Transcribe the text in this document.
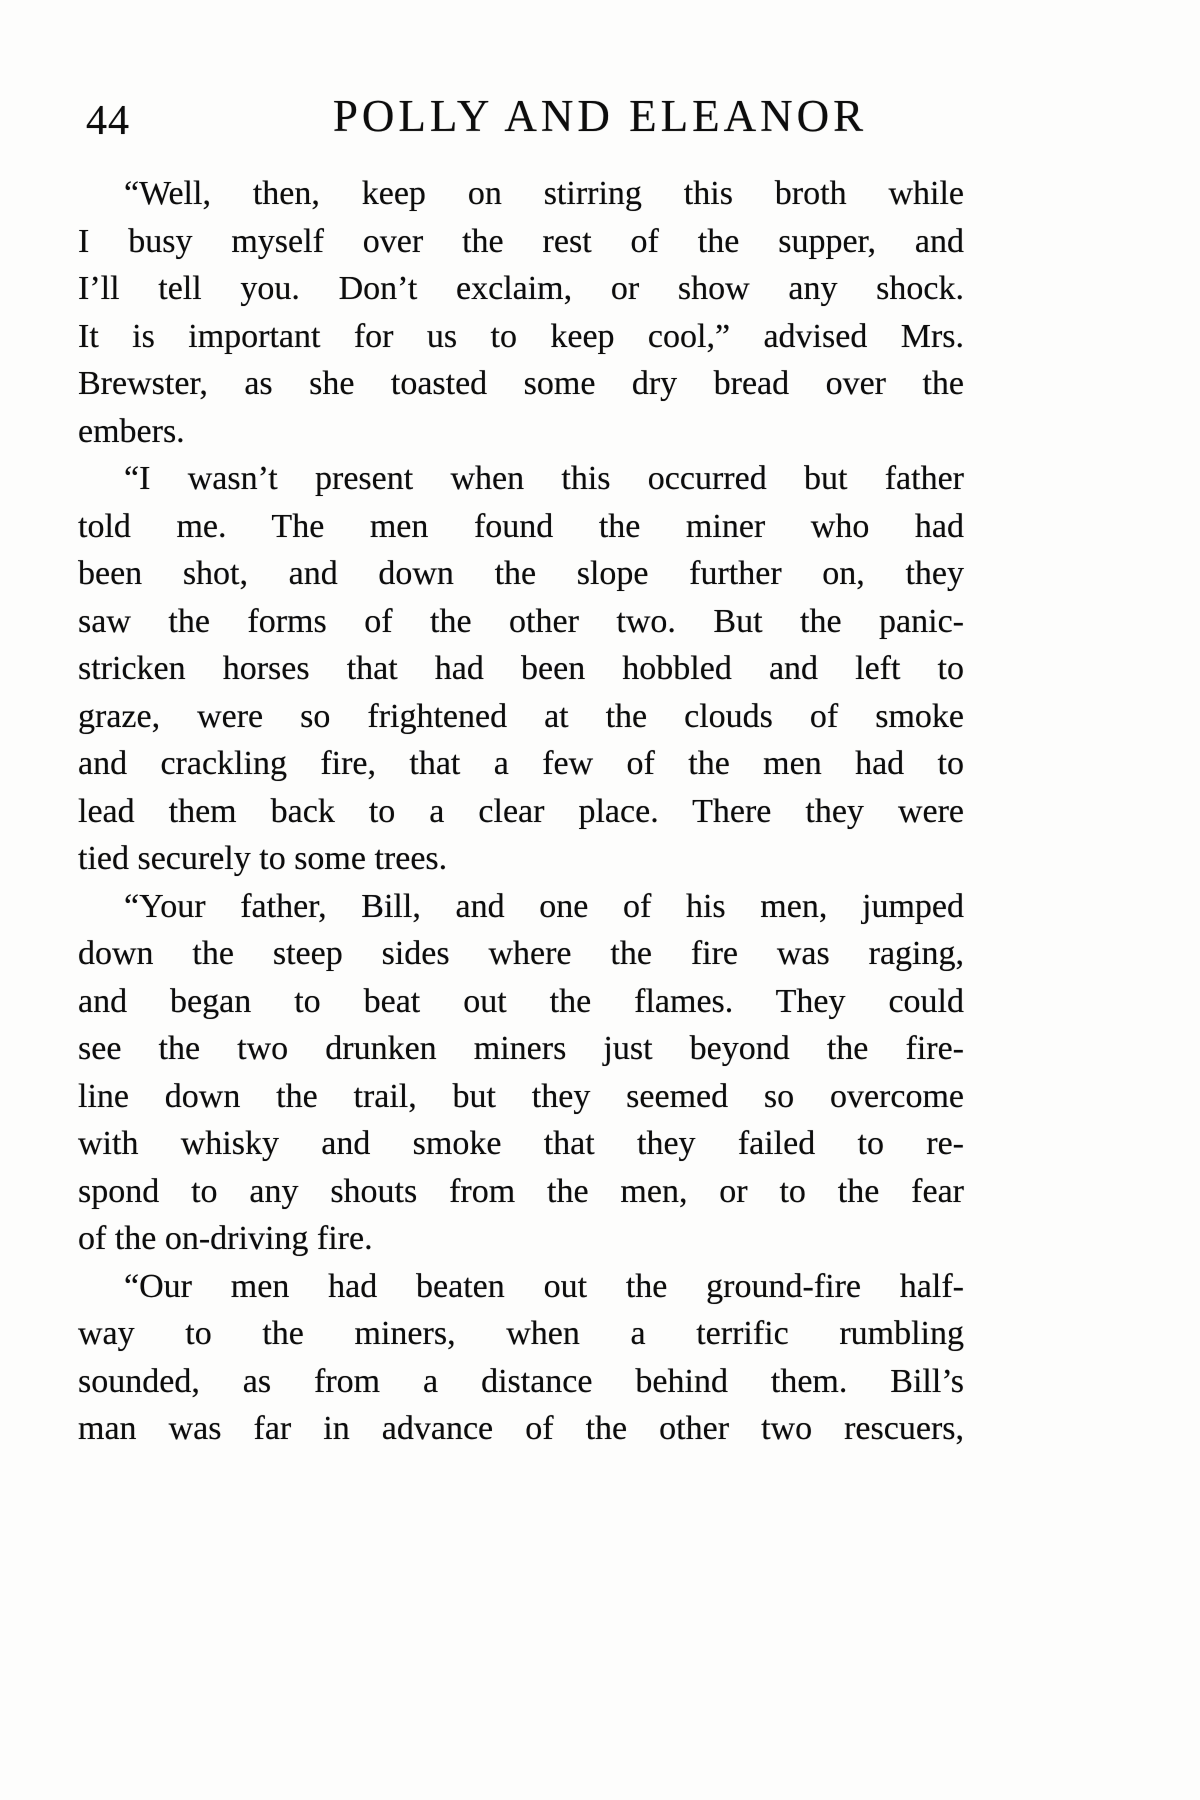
44	POLLY AND ELEANOR

“Well, then, keep on stirring this broth while
I busy myself over the rest of the supper, and
I’ll tell you. Don’t exclaim, or show any shock.
It is important for us to keep cool,” advised Mrs.
Brewster, as she toasted some dry bread over the
embers.

“I wasn’t present when this occurred but father
told me. The men found the miner who had
been shot, and down the slope further on, they
saw the forms of the other two. But the panic-
stricken horses that had been hobbled and left to
graze, were so frightened at the clouds of smoke
and crackling fire, that a few of the men had to
lead them back to a clear place. There they were
tied securely to some trees.

“Your father, Bill, and one of his men, jumped
down the steep sides where the fire was raging,
and began to beat out the flames. They could
see the two drunken miners just beyond the fire-
line down the trail, but they seemed so overcome
with whisky and smoke that they failed to re-
spond to any shouts from the men, or to the fear
of the on-driving fire.

“Our men had beaten out the ground-fire half-
way to the miners, when a terrific rumbling
sounded, as from a distance behind them. Bill’s
man was far in advance of the other two rescuers,
